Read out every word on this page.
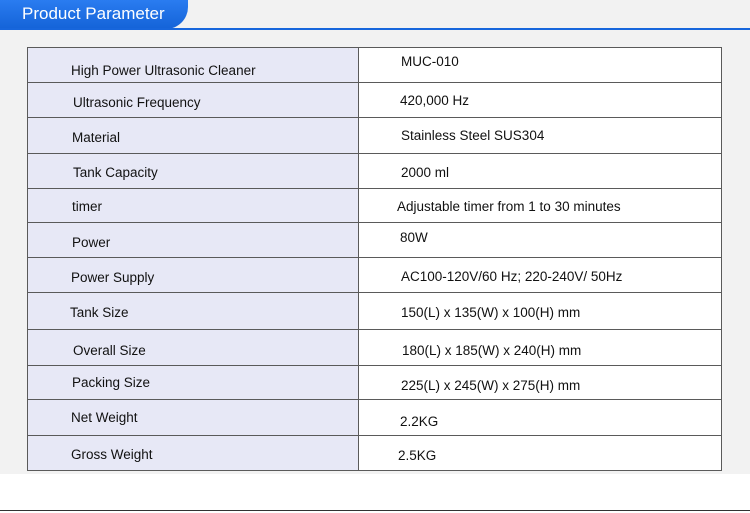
Product Parameter
High Power Ultrasonic Cleaner	MUC-010
Ultrasonic Frequency	420,000 Hz
Material	Stainless Steel SUS304
Tank Capacity	2000 ml
timer	Adjustable timer from 1 to 30 minutes
Power	80W
Power Supply	AC100-120V/60 Hz; 220-240V/ 50Hz
Tank Size	150(L) x 135(W) x 100(H) mm
Overall Size	180(L) x 185(W) x 240(H) mm
Packing Size	225(L) x 245(W) x 275(H) mm
Net Weight	2.2KG
Gross Weight	2.5KG
